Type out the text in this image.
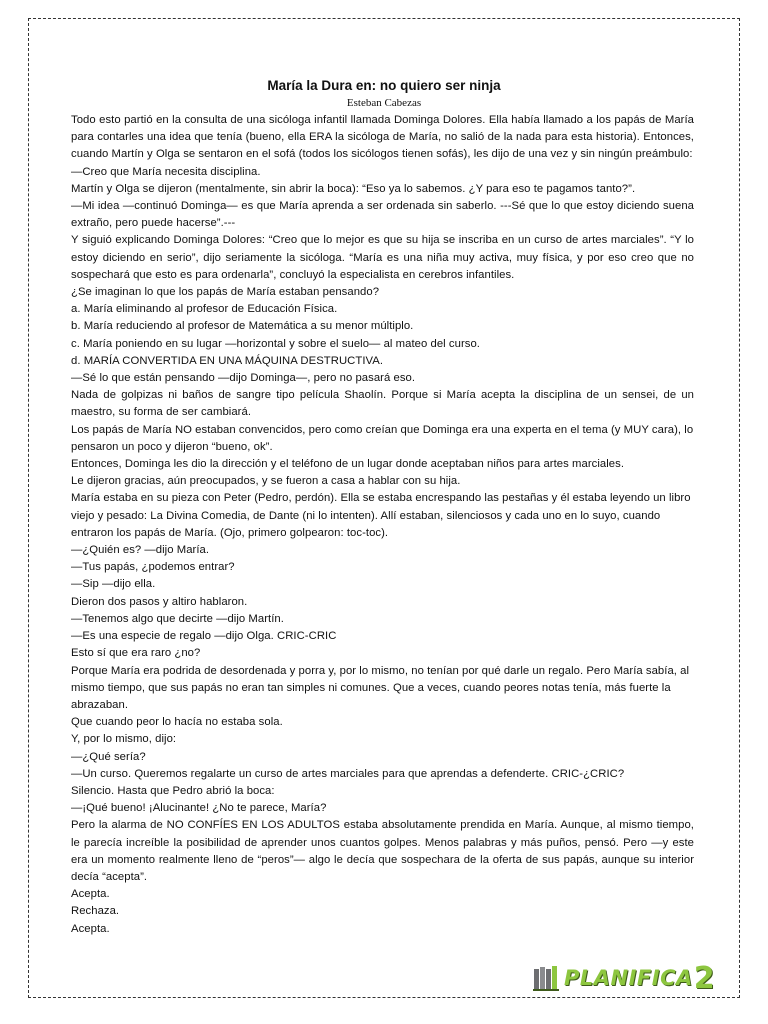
María la Dura en: no quiero ser ninja

Esteban Cabezas

Todo esto partió en la consulta de una sicóloga infantil llamada Dominga Dolores. Ella había llamado a los papás de María para contarles una idea que tenía (bueno, ella ERA la sicóloga de María, no salió de la nada para esta historia). Entonces, cuando Martín y Olga se sentaron en el sofá (todos los sicólogos tienen sofás), les dijo de una vez y sin ningún preámbulo:

—Creo que María necesita disciplina.

Martín y Olga se dijeron (mentalmente, sin abrir la boca): “Eso ya lo sabemos. ¿Y para eso te pagamos tanto?”.

—Mi idea —continuó Dominga— es que María aprenda a ser ordenada sin saberlo. ---Sé que lo que estoy diciendo suena extraño, pero puede hacerse”.---

Y siguió explicando Dominga Dolores: “Creo que lo mejor es que su hija se inscriba en un curso de artes marciales”. “Y lo estoy diciendo en serio”, dijo seriamente la sicóloga. “María es una niña muy activa, muy física, y por eso creo que no sospechará que esto es para ordenarla”, concluyó la especialista en cerebros infantiles.

¿Se imaginan lo que los papás de María estaban pensando?

a. María eliminando al profesor de Educación Física.

b. María reduciendo al profesor de Matemática a su menor múltiplo.

c. María poniendo en su lugar —horizontal y sobre el suelo— al mateo del curso.

d. MARÍA CONVERTIDA EN UNA MÁQUINA DESTRUCTIVA.

—Sé lo que están pensando —dijo Dominga—, pero no pasará eso.

Nada de golpizas ni baños de sangre tipo película Shaolín. Porque si María acepta la disciplina de un sensei, de un maestro, su forma de ser cambiará.

Los papás de María NO estaban convencidos, pero como creían que Dominga era una experta en el tema (y MUY cara), lo pensaron un poco y dijeron “bueno, ok”.

Entonces, Dominga les dio la dirección y el teléfono de un lugar donde aceptaban niños para artes marciales.

Le dijeron gracias, aún preocupados, y se fueron a casa a hablar con su hija.

María estaba en su pieza con Peter (Pedro, perdón). Ella se estaba encrespando las pestañas y él estaba leyendo un libro viejo y pesado: La Divina Comedia, de Dante (ni lo intenten). Allí estaban, silenciosos y cada uno en lo suyo, cuando entraron los papás de María. (Ojo, primero golpearon: toc-toc).

—¿Quién es? —dijo María.

—Tus papás, ¿podemos entrar?

—Sip —dijo ella.

Dieron dos pasos y altiro hablaron.

—Tenemos algo que decirte —dijo Martín.

—Es una especie de regalo —dijo Olga. CRIC-CRIC

Esto sí que era raro ¿no?

Porque María era podrida de desordenada y porra y, por lo mismo, no tenían por qué darle un regalo. Pero María sabía, al mismo tiempo, que sus papás no eran tan simples ni comunes. Que a veces, cuando peores notas tenía, más fuerte la abrazaban.

Que cuando peor lo hacía no estaba sola.

Y, por lo mismo, dijo:

—¿Qué sería?

—Un curso. Queremos regalarte un curso de artes marciales para que aprendas a defenderte. CRIC-¿CRIC?

Silencio. Hasta que Pedro abrió la boca:

—¡Qué bueno! ¡Alucinante! ¿No te parece, María?

Pero la alarma de NO CONFÍES EN LOS ADULTOS estaba absolutamente prendida en María. Aunque, al mismo tiempo, le parecía increíble la posibilidad de aprender unos cuantos golpes. Menos palabras y más puños, pensó. Pero —y este era un momento realmente lleno de “peros”— algo le decía que sospechara de la oferta de sus papás, aunque su interior decía “acepta”.

Acepta.

Rechaza.

Acepta.

PLANIFICA 2
